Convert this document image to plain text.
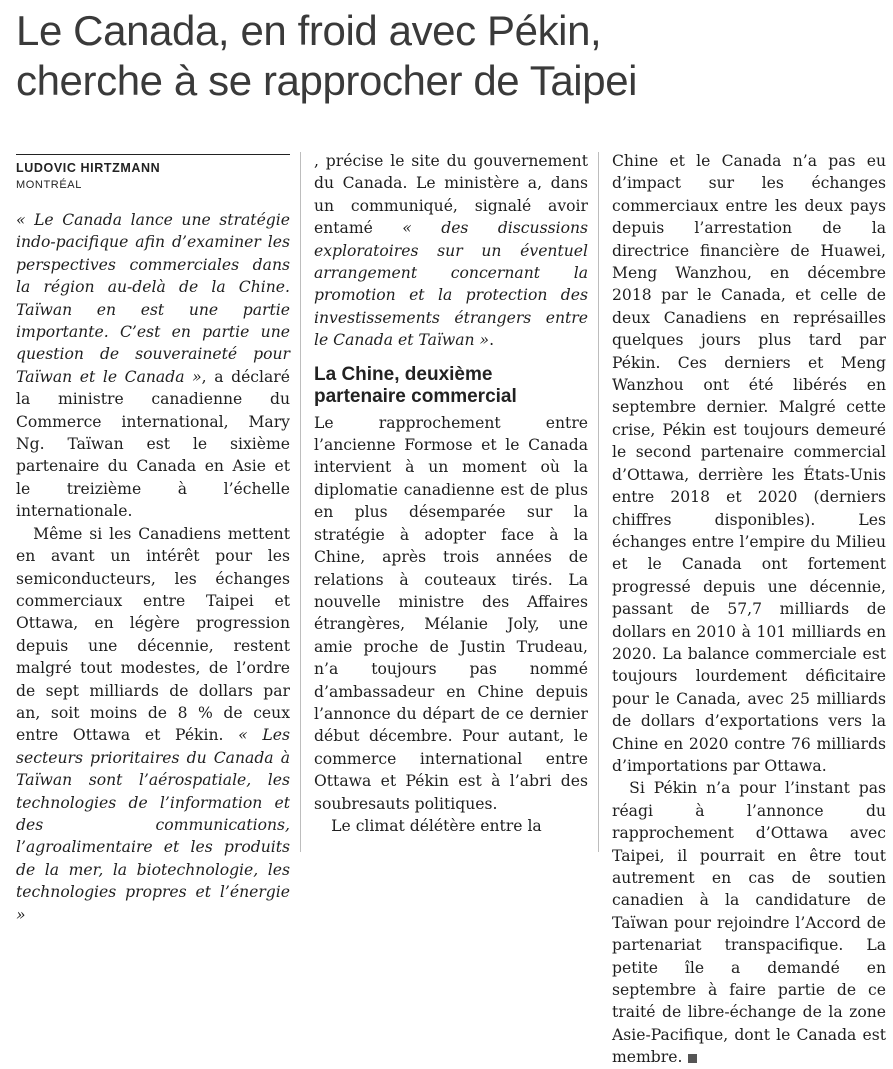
Le Canada, en froid avec Pékin,
cherche à se rapprocher de Taipei
LUDOVIC HIRTZMANN
MONTRÉAL

« Le Canada lance une stratégie indo-pacifique afin d’examiner les perspectives commerciales dans la région au-delà de la Chine. Taïwan en est une partie importante. C’est en partie une question de souveraineté pour Taïwan et le Canada », a déclaré la ministre canadienne du Commerce international, Mary Ng. Taïwan est le sixième partenaire du Canada en Asie et le treizième à l’échelle internationale.

Même si les Canadiens mettent en avant un intérêt pour les semiconducteurs, les échanges commerciaux entre Taipei et Ottawa, en légère progression depuis une décennie, restent malgré tout modestes, de l’ordre de sept milliards de dollars par an, soit moins de 8 % de ceux entre Ottawa et Pékin. « Les secteurs prioritaires du Canada à Taïwan sont l’aérospatiale, les technologies de l’information et des communications, l’agroalimentaire et les produits de la mer, la biotechnologie, les technologies propres et l’énergie »

, précise le site du gouvernement du Canada. Le ministère a, dans un communiqué, signalé avoir entamé « des discussions exploratoires sur un éventuel arrangement concernant la promotion et la protection des investissements étrangers entre le Canada et Taïwan ».

La Chine, deuxième partenaire commercial

Le rapprochement entre l’ancienne Formose et le Canada intervient à un moment où la diplomatie canadienne est de plus en plus désemparée sur la stratégie à adopter face à la Chine, après trois années de relations à couteaux tirés. La nouvelle ministre des Affaires étrangères, Mélanie Joly, une amie proche de Justin Trudeau, n’a toujours pas nommé d’ambassadeur en Chine depuis l’annonce du départ de ce dernier début décembre. Pour autant, le commerce international entre Ottawa et Pékin est à l’abri des soubresauts politiques.

Le climat délétère entre la

Chine et le Canada n’a pas eu d’impact sur les échanges commerciaux entre les deux pays depuis l’arrestation de la directrice financière de Huawei, Meng Wanzhou, en décembre 2018 par le Canada, et celle de deux Canadiens en représailles quelques jours plus tard par Pékin. Ces derniers et Meng Wanzhou ont été libérés en septembre dernier. Malgré cette crise, Pékin est toujours demeuré le second partenaire commercial d’Ottawa, derrière les États-Unis entre 2018 et 2020 (derniers chiffres disponibles). Les échanges entre l’empire du Milieu et le Canada ont fortement progressé depuis une décennie, passant de 57,7 milliards de dollars en 2010 à 101 milliards en 2020. La balance commerciale est toujours lourdement déficitaire pour le Canada, avec 25 milliards de dollars d’exportations vers la Chine en 2020 contre 76 milliards d’importations par Ottawa.

Si Pékin n’a pour l’instant pas réagi à l’annonce du rapprochement d’Ottawa avec Taipei, il pourrait en être tout autrement en cas de soutien canadien à la candidature de Taïwan pour rejoindre l’Accord de partenariat transpacifique. La petite île a demandé en septembre à faire partie de ce traité de libre-échange de la zone Asie-Pacifique, dont le Canada est membre.
